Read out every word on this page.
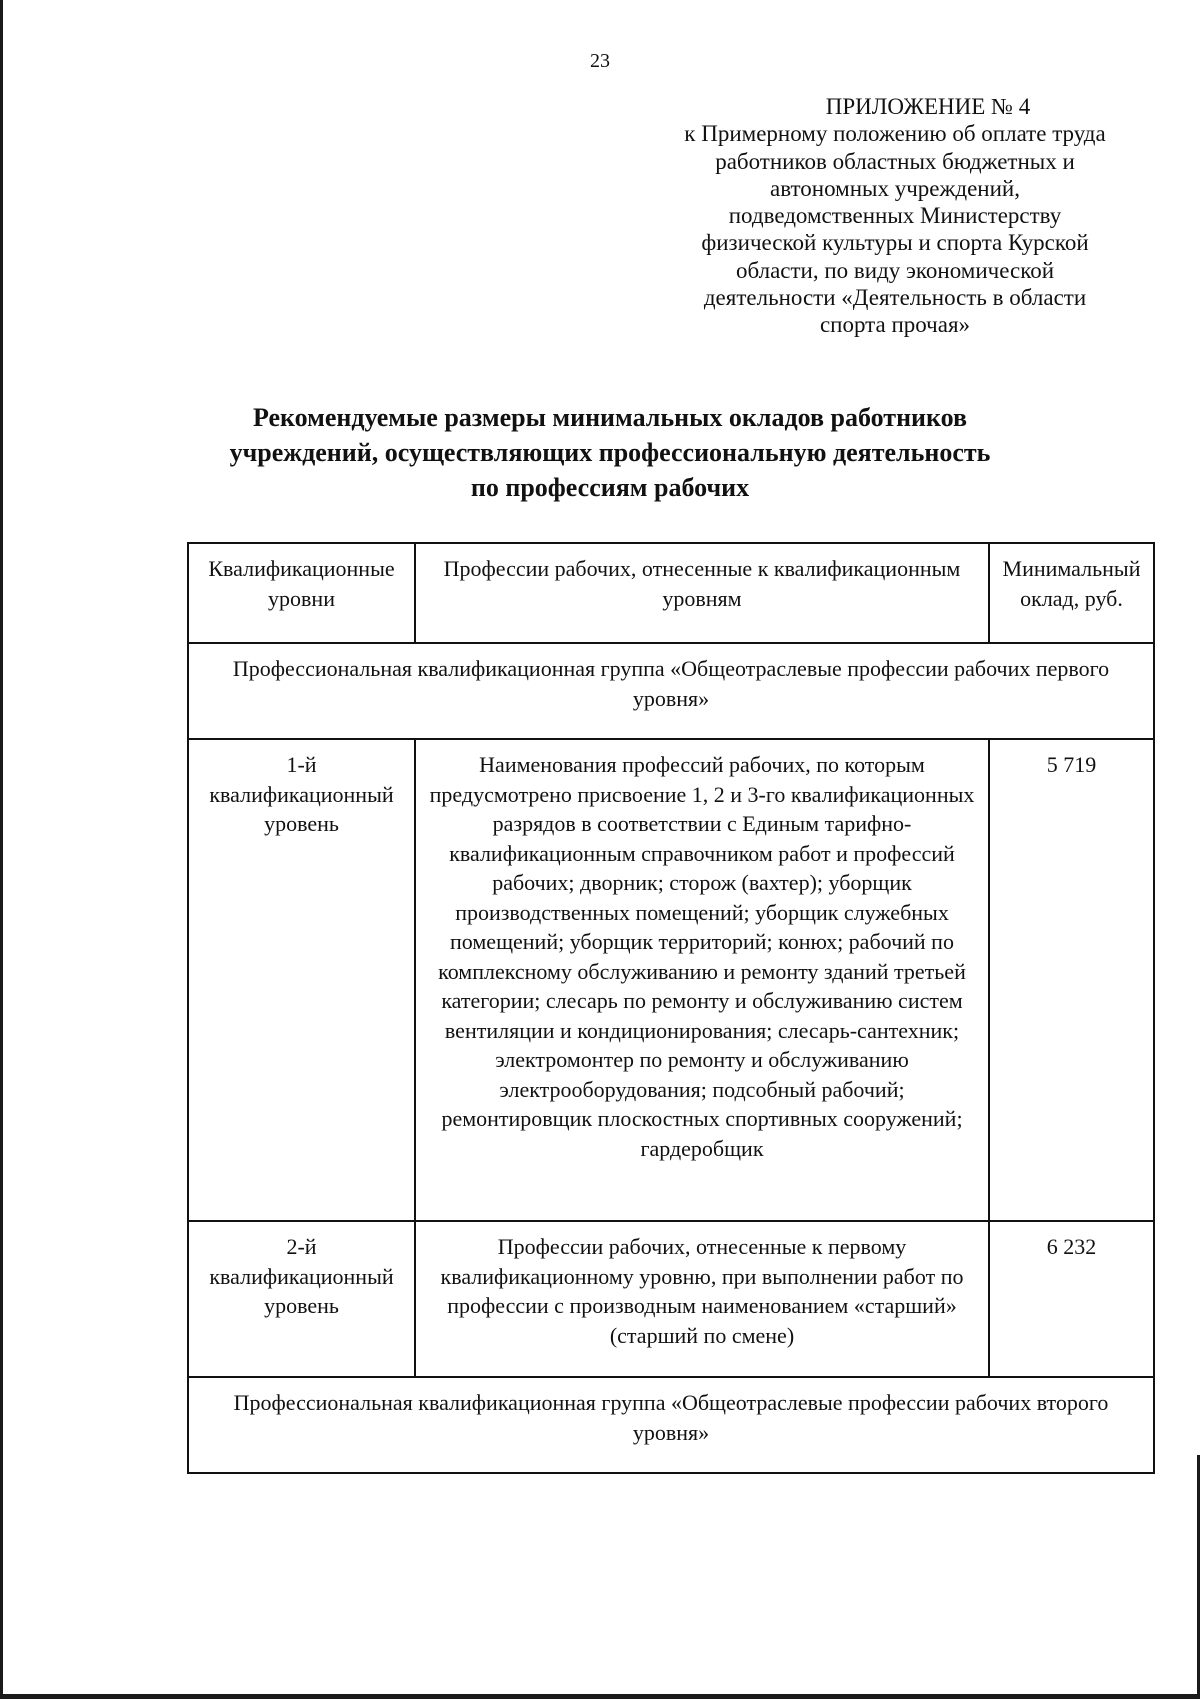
23
ПРИЛОЖЕНИЕ № 4
к Примерному положению об оплате труда
работников областных бюджетных и
автономных учреждений,
подведомственных Министерству
физической культуры и спорта Курской
области, по виду экономической
деятельности «Деятельность в области
спорта прочая»
Рекомендуемые размеры минимальных окладов работников
учреждений, осуществляющих профессиональную деятельность
по профессиям рабочих
Квалификационные уровни	Профессии рабочих, отнесенные к квалификационным уровням	Минимальный оклад, руб.
Профессиональная квалификационная группа «Общеотраслевые профессии рабочих первого уровня»		
1-й квалификационный уровень	Наименования профессий рабочих, по которым предусмотрено присвоение 1, 2 и 3-го квалификационных разрядов в соответствии с Единым тарифно-квалификационным справочником работ и профессий рабочих; дворник; сторож (вахтер); уборщик производственных помещений; уборщик служебных помещений; уборщик территорий; конюх; рабочий по комплексному обслуживанию и ремонту зданий третьей категории; слесарь по ремонту и обслуживанию систем вентиляции и кондиционирования; слесарь-сантехник; электромонтер по ремонту и обслуживанию электрооборудования; подсобный рабочий; ремонтировщик плоскостных спортивных сооружений; гардеробщик	5 719
2-й квалификационный уровень	Профессии рабочих, отнесенные к первому квалификационному уровню, при выполнении работ по профессии с производным наименованием «старший» (старший по смене)	6 232
Профессиональная квалификационная группа «Общеотраслевые профессии рабочих второго уровня»		
